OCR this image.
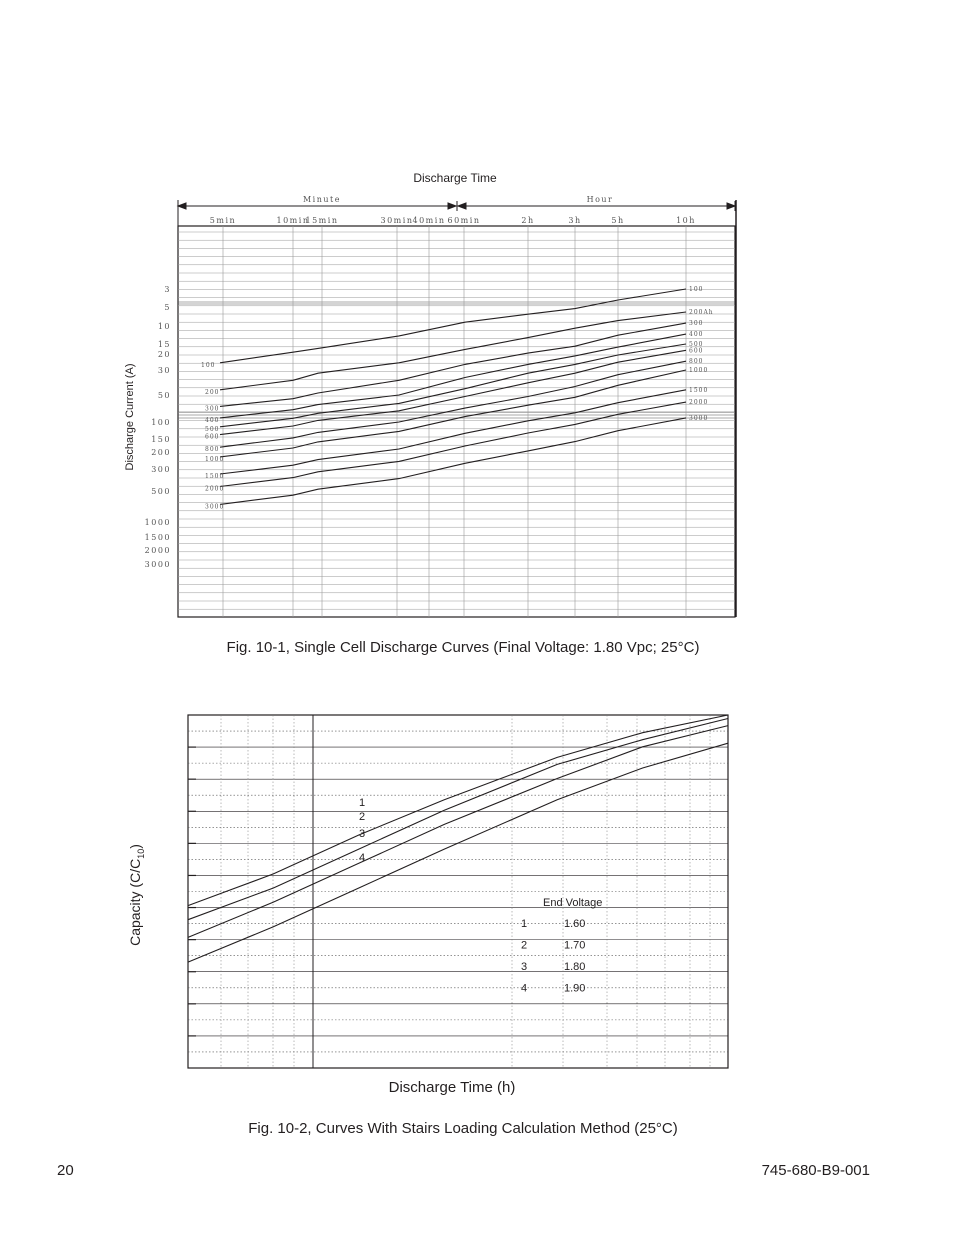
Discharge Time
Minute	Hour
Discharge Current (A)
5min	10min
15min	30min 40min 60min	2h	3h	5h	10h
3
5
10
15
20
30
50
100
150
200
300
500
1000
1500
2000
3000
100
200Ah
300
400
500
600
800
1000
1500
2000
3000
100
200
300
400
500
600
800
1000
1500
2000
3000
1
2
3
4
End Voltage
1	1.60
2	1.70
3	1.80
4	1.90
Capacity $(C/C_{10})$
Discharge Time (h)
Fig. 10-1, Single Cell Discharge Curves (Final Voltage: 1.80 Vpc; 25°C)
Fig. 10-2, Curves With Stairs Loading Calculation Method (25°C)
20	745-680-B9-001
